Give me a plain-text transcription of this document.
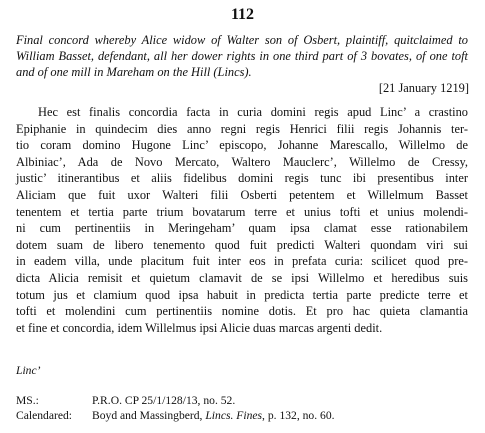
112
Final concord whereby Alice widow of Walter son of Osbert, plaintiff, quitclaimed to William Basset, defendant, all her dower rights in one third part of 3 bovates, of one toft and of one mill in Mareham on the Hill (Lincs).
[21 January 1219]
Hec est finalis concordia facta in curia domini regis apud Linc’ a crastino
Epiphanie in quindecim dies anno regni regis Henrici filii regis Johannis ter-
tio coram domino Hugone Linc’ episcopo, Johanne Marescallo, Willelmo de
Albiniac’, Ada de Novo Mercato, Waltero Mauclerc’, Willelmo de Cressy,
justic’ itinerantibus et aliis fidelibus domini regis tunc ibi presentibus inter
Aliciam que fuit uxor Walteri filii Osberti petentem et Willelmum Basset
tenentem et tertia parte trium bovatarum terre et unius tofti et unius molendi-
ni cum pertinentiis in Meringeham’ quam ipsa clamat esse rationabilem
dotem suam de libero tenemento quod fuit predicti Walteri quondam viri sui
in eadem villa, unde placitum fuit inter eos in prefata curia: scilicet quod pre-
dicta Alicia remisit et quietum clamavit de se ipsi Willelmo et heredibus suis
totum jus et clamium quod ipsa habuit in predicta tertia parte predicte terre et
tofti et molendini cum pertinentiis nomine dotis. Et pro hac quieta clamantia
et fine et concordia, idem Willelmus ipsi Alicie duas marcas argenti dedit.
Linc’
MS.:	P.R.O. CP 25/1/128/13, no. 52.
Calendared:	Boyd and Massingberd, Lincs. Fines, p. 132, no. 60.
